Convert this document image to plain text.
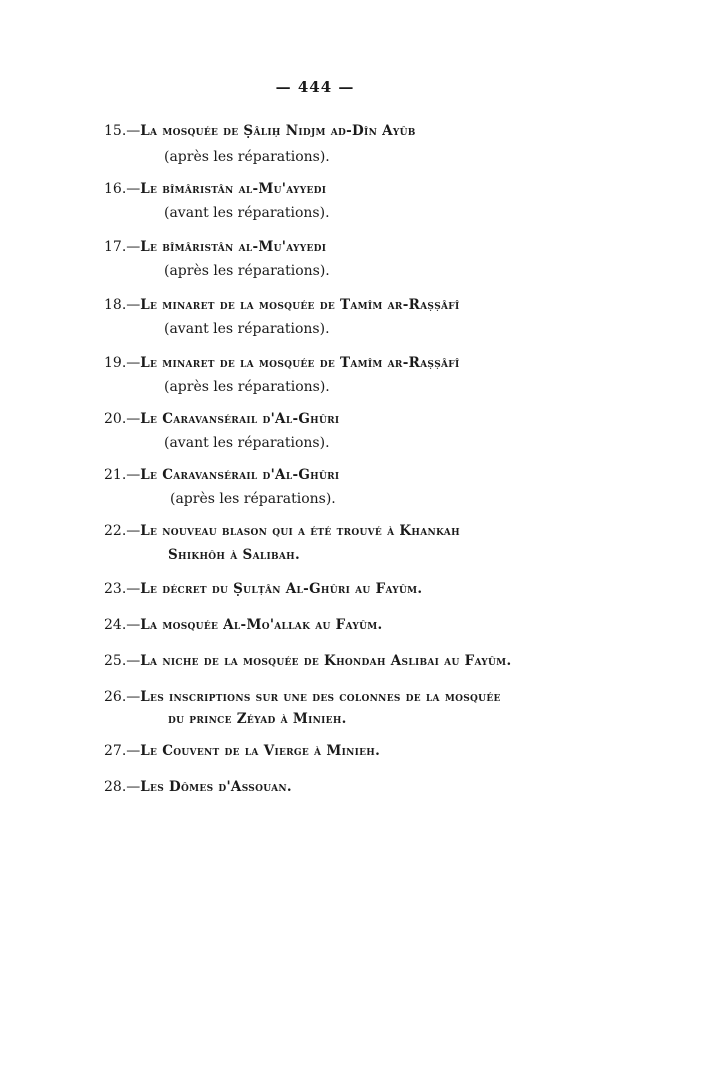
— 444 —
15.—La mosquée de Ṣâliḥ Nidjm ad-Dîn Ayûb
(après les réparations).
16.—Le bîmâristân al-Mu'ayyedi
(avant les réparations).
17.—Le bîmâristân al-Mu'ayyedi
(après les réparations).
18.—Le minaret de la mosquée de Tamîm ar-Raṣṣâfî
(avant les réparations).
19.—Le minaret de la mosquée de Tamîm ar-Raṣṣâfî
(après les réparations).
20.—Le Caravansérail d'Al-Ghûri
(avant les réparations).
21.—Le Caravansérail d'Al-Ghûri
(après les réparations).
22.—Le nouveau blason qui a été trouvé à Khankah
Shikhôh à Salibah.
23.—Le décret du Ṣulṭân Al-Ghûri au Fayûm.
24.—La mosquée Al-Mo'allak au Fayûm.
25.—La niche de la mosquée de Khondah Aslibai au Fayûm.
26.—Les inscriptions sur une des colonnes de la mosquée
du prince Zéyad à Minieh.
27.—Le Couvent de la Vierge à Minieh.
28.—Les Dômes d'Assouan.
